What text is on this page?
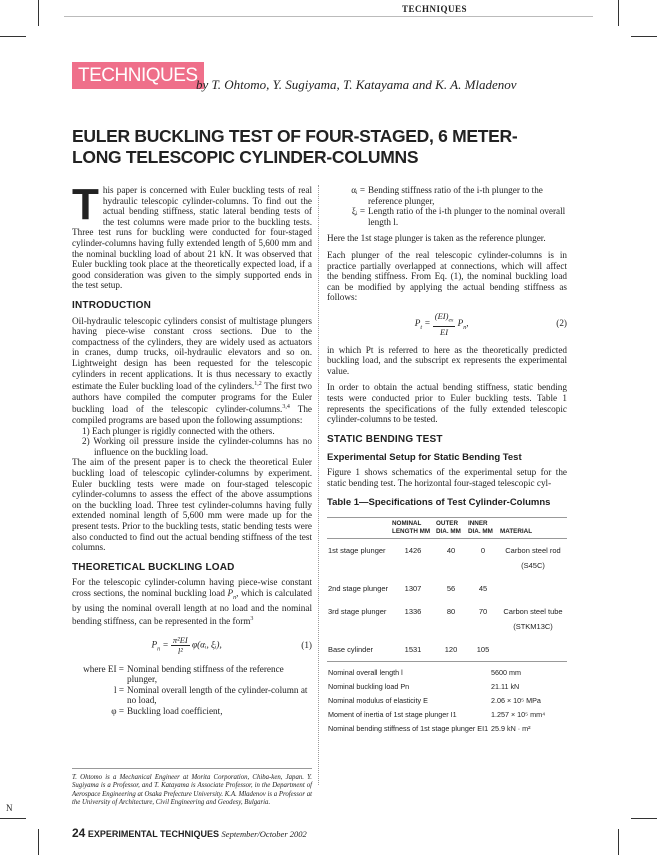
TECHNIQUES
TECHNIQUES
by T. Ohtomo, Y. Sugiyama, T. Katayama and K. A. Mladenov
EULER BUCKLING TEST OF FOUR-STAGED, 6 METER-
LONG TELESCOPIC CYLINDER-COLUMNS

This paper is concerned with Euler buckling tests of real hydraulic telescopic cylinder-columns. To find out the actual bending stiffness, static lateral bending tests of the test columns were made prior to the buckling tests. Three test runs for buckling were conducted for four-staged cylinder-columns having fully extended length of 5,600 mm and the nominal buckling load of about 21 kN. It was observed that Euler buckling took place at the theoretically expected load, if a good consideration was given to the simply supported ends in the test setup.

INTRODUCTION

Oil-hydraulic telescopic cylinders consist of multistage plungers having piece-wise constant cross sections. Due to the compactness of the cylinders, they are widely used as actuators in cranes, dump trucks, oil-hydraulic elevators and so on. Lightweight design has been requested for the telescopic cylinders in recent applications. It is thus necessary to exactly estimate the Euler buckling load of the cylinders.$^{1,2}$ The first two authors have compiled the computer programs for the Euler buckling load of the telescopic cylinder-columns.$^{3,4}$ The compiled programs are based upon the following assumptions:

1) Each plunger is rigidly connected with the others.
2) Working oil pressure inside the cylinder-columns has no influence on the buckling load.

The aim of the present paper is to check the theoretical Euler buckling load of telescopic cylinder-columns by experiment. Euler buckling tests were made on four-staged telescopic cylinder-columns to assess the effect of the above assumptions on the buckling load. Three test cylinder-columns having fully extended nominal length of 5,600 mm were made up for the present tests. Prior to the buckling tests, static bending tests were also conducted to find out the actual bending stiffness of the test columns.

THEORETICAL BUCKLING LOAD

For the telescopic cylinder-column having piece-wise constant cross sections, the nominal buckling load $P_n$, which is calculated by using the nominal overall length at no load and the nominal bending stiffness, can be represented in the form$^3$

$P_n = \frac{\text{π²EI}}{\text{l²}}$ φ(αᵢ, ξᵢ),	(1)
where EI = Nominal bending stiffness of the reference plunger,
l = Nominal overall length of the cylinder-column at no load,
φ = Buckling load coefficient,
αᵢ = Bending stiffness ratio of the i-th plunger to the reference plunger,
ξᵢ = Length ratio of the i-th plunger to the nominal overall length l.

Here the 1st stage plunger is taken as the reference plunger.

Each plunger of the real telescopic cylinder-columns is in practice partially overlapped at connections, which will affect the bending stiffness. From Eq. (1), the nominal buckling load can be modified by applying the actual bending stiffness as follows:

$P_t = \frac{(EI)_{ex}}{EI} P_n$,	(2)

in which Pt is referred to here as the theoretically predicted buckling load, and the subscript ex represents the experimental value.

In order to obtain the actual bending stiffness, static bending tests were conducted prior to Euler buckling tests. Table 1 represents the specifications of the fully extended telescopic cylinder-columns to be tested.

STATIC BENDING TEST
Experimental Setup for Static Bending Test

Figure 1 shows schematics of the experimental setup for the static bending test. The horizontal four-staged telescopic cyl-

Table 1—Specifications of Test Cylinder-Columns
	NOMINAL LENGTH MM	OUTER DIA. MM	INNER DIA. MM	MATERIAL
1st stage plunger	1426	40	0	Carbon steel rod (S45C)
2nd stage plunger	1307	56	45	
3rd stage plunger	1336	80	70	Carbon steel tube (STKM13C)
Base cylinder	1531	120	105	
Nominal overall length l	5600 mm
Nominal buckling load Pn	21.11 kN
Nominal modulus of elasticity E	2.06 × 10⁵ MPa
Moment of inertia of 1st stage plunger I1	1.257 × 10⁵ mm⁴
Nominal bending stiffness of 1st stage plunger EI1	25.9 kN · m²
T. Ohtomo is a Mechanical Engineer at Morita Corporation, Chiba-ken, Japan. Y. Sugiyama is a Professor, and T. Katayama is Associate Professor, in the Department of Aerospace Engineering at Osaka Prefecture University. K.A. Mladenov is a Professor at the University of Architecture, Civil Engineering and Geodesy, Bulgaria.
N
24 EXPERIMENTAL TECHNIQUES September/October 2002
